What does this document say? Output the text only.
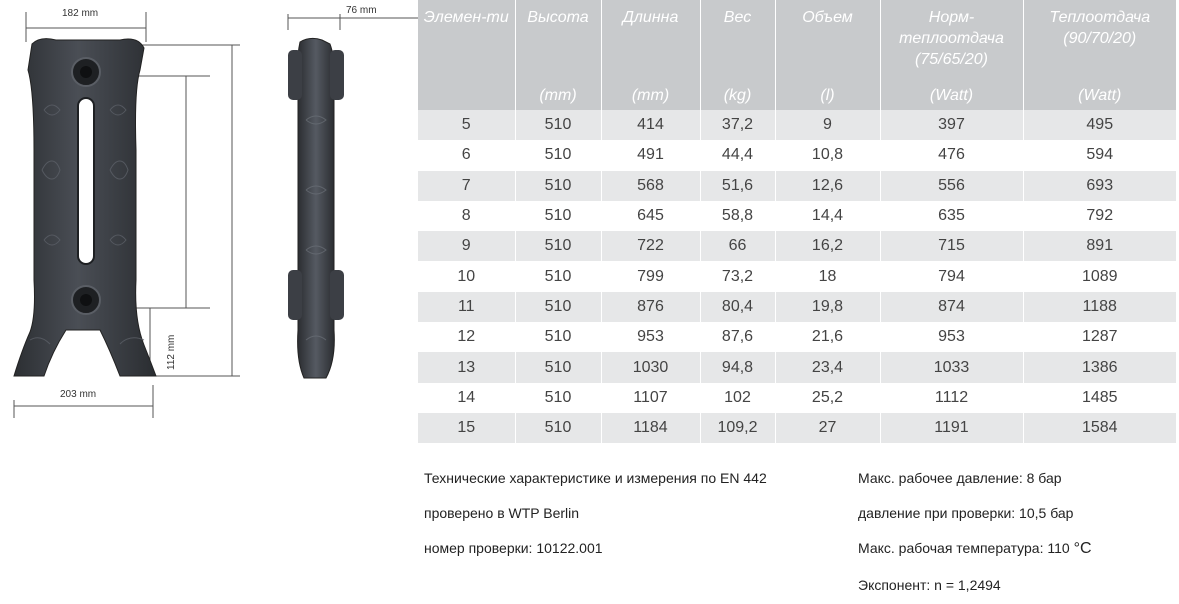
182 mm
203 mm
76 mm
112 mm
Элемен-ти	Высота	Длинна	Вес	Объем	Норм-теплоотдача (75/65/20)	Теплоотдача (90/70/20)
	(mm)	(mm)	(kg)	(l)	(Watt)	(Watt)
5	510	414	37,2	9	397	495
6	510	491	44,4	10,8	476	594
7	510	568	51,6	12,6	556	693
8	510	645	58,8	14,4	635	792
9	510	722	66	16,2	715	891
10	510	799	73,2	18	794	1089
11	510	876	80,4	19,8	874	1188
12	510	953	87,6	21,6	953	1287
13	510	1030	94,8	23,4	1033	1386
14	510	1107	102	25,2	1112	1485
15	510	1184	109,2	27	1191	1584
Технические характеристике и измерения по EN 442
проверено в WTP Berlin
номер проверки: 10122.001
Макс. рабочее давление: 8 бар
давление при проверки: 10,5 бар
Макс. рабочая температура: 110 °C
Экспонент: n = 1,2494
